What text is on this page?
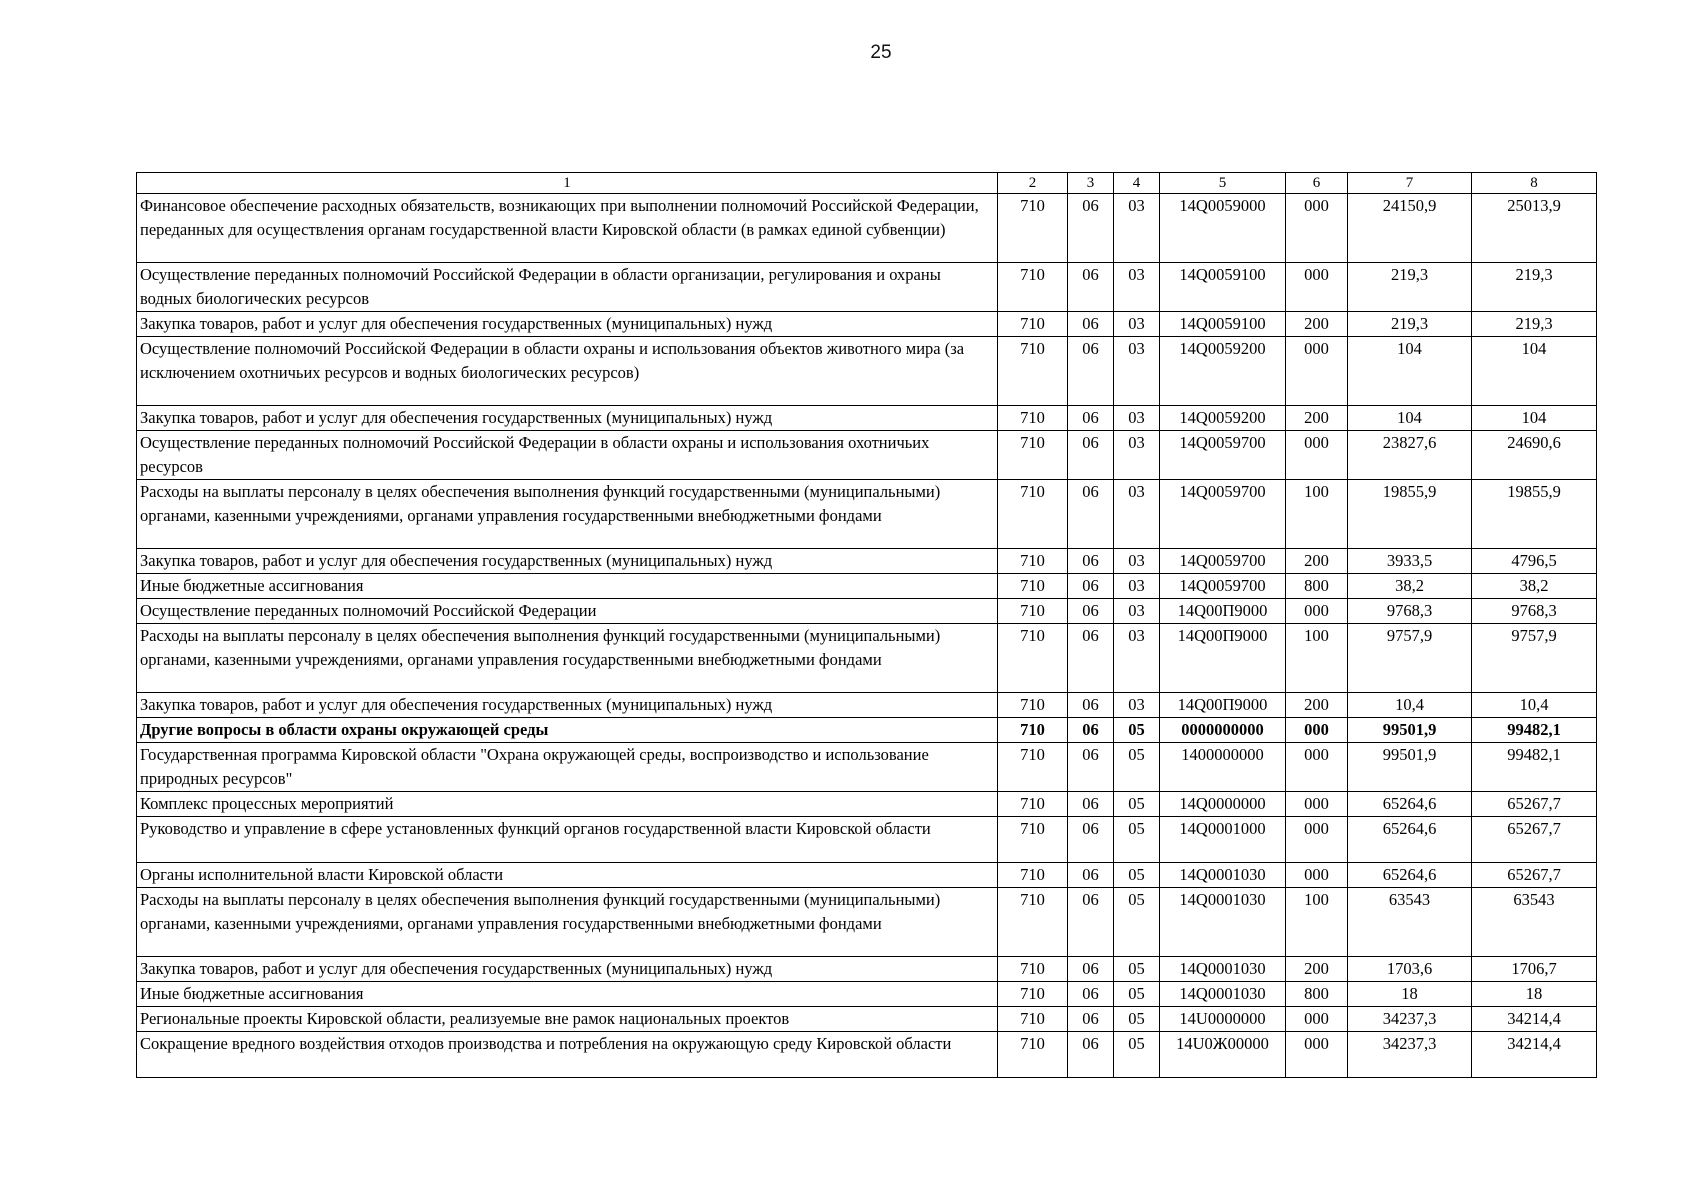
25
1	2	3	4	5	6	7	8
Финансовое обеспечение расходных обязательств, возникающих при выполнении полномочий Российской Федерации, переданных для осуществления органам государственной власти Кировской области (в рамках единой субвенции)	710	06	03	14Q0059000	000	24150,9	25013,9
Осуществление переданных полномочий Российской Федерации в области организации, регулирования и охраны водных биологических ресурсов	710	06	03	14Q0059100	000	219,3	219,3
Закупка товаров, работ и услуг для обеспечения государственных (муниципальных) нужд	710	06	03	14Q0059100	200	219,3	219,3
Осуществление полномочий Российской Федерации в области охраны и использования объектов животного мира (за исключением охотничьих ресурсов и водных биологических ресурсов)	710	06	03	14Q0059200	000	104	104
Закупка товаров, работ и услуг для обеспечения государственных (муниципальных) нужд	710	06	03	14Q0059200	200	104	104
Осуществление переданных полномочий Российской Федерации в области охраны и использования охотничьих ресурсов	710	06	03	14Q0059700	000	23827,6	24690,6
Расходы на выплаты персоналу в целях обеспечения выполнения функций государственными (муниципальными) органами, казенными учреждениями, органами управления государственными внебюджетными фондами	710	06	03	14Q0059700	100	19855,9	19855,9
Закупка товаров, работ и услуг для обеспечения государственных (муниципальных) нужд	710	06	03	14Q0059700	200	3933,5	4796,5
Иные бюджетные ассигнования	710	06	03	14Q0059700	800	38,2	38,2
Осуществление переданных полномочий Российской Федерации	710	06	03	14Q00П9000	000	9768,3	9768,3
Расходы на выплаты персоналу в целях обеспечения выполнения функций государственными (муниципальными) органами, казенными учреждениями, органами управления государственными внебюджетными фондами	710	06	03	14Q00П9000	100	9757,9	9757,9
Закупка товаров, работ и услуг для обеспечения государственных (муниципальных) нужд	710	06	03	14Q00П9000	200	10,4	10,4
Другие вопросы в области охраны окружающей среды	710	06	05	0000000000	000	99501,9	99482,1
Государственная программа Кировской области "Охрана окружающей среды, воспроизводство и использование природных ресурсов"	710	06	05	1400000000	000	99501,9	99482,1
Комплекс процессных мероприятий	710	06	05	14Q0000000	000	65264,6	65267,7
Руководство и управление в сфере установленных функций органов государственной власти Кировской области	710	06	05	14Q0001000	000	65264,6	65267,7
Органы исполнительной власти Кировской области	710	06	05	14Q0001030	000	65264,6	65267,7
Расходы на выплаты персоналу в целях обеспечения выполнения функций государственными (муниципальными) органами, казенными учреждениями, органами управления государственными внебюджетными фондами	710	06	05	14Q0001030	100	63543	63543
Закупка товаров, работ и услуг для обеспечения государственных (муниципальных) нужд	710	06	05	14Q0001030	200	1703,6	1706,7
Иные бюджетные ассигнования	710	06	05	14Q0001030	800	18	18
Региональные проекты Кировской области, реализуемые вне рамок национальных проектов	710	06	05	14U0000000	000	34237,3	34214,4
Сокращение вредного воздействия отходов производства и потребления на окружающую среду Кировской области	710	06	05	14U0Ж00000	000	34237,3	34214,4
